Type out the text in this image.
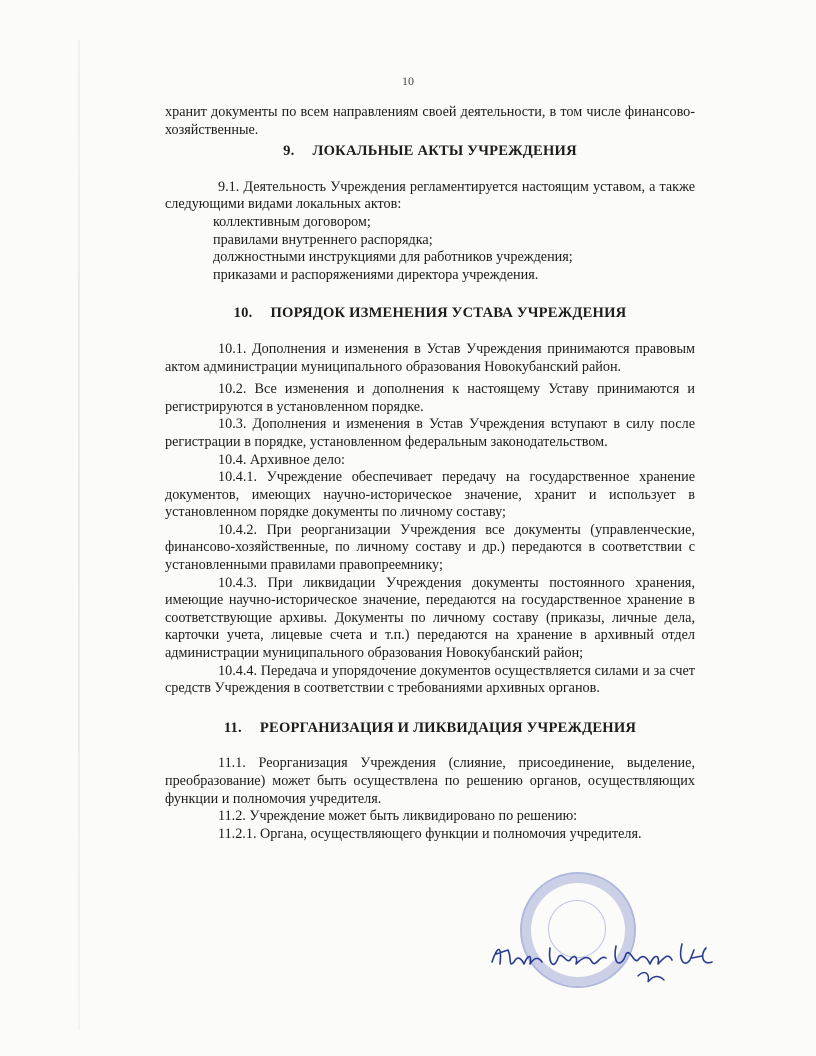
10

хранит документы по всем направлениям своей деятельности, в том числе финансово-хозяйственные.

9. ЛОКАЛЬНЫЕ АКТЫ УЧРЕЖДЕНИЯ

9.1. Деятельность Учреждения регламентируется настоящим уставом, а также следующими видами локальных актов:

коллективным договором;
правилами внутреннего распорядка;
должностными инструкциями для работников учреждения;
приказами и распоряжениями директора учреждения.
10. ПОРЯДОК ИЗМЕНЕНИЯ УСТАВА УЧРЕЖДЕНИЯ

10.1. Дополнения и изменения в Устав Учреждения принимаются правовым актом администрации муниципального образования Новокубанский район.

10.2. Все изменения и дополнения к настоящему Уставу принимаются и регистрируются в установленном порядке.

10.3. Дополнения и изменения в Устав Учреждения вступают в силу после регистрации в порядке, установленном федеральным законодательством.

10.4. Архивное дело:

10.4.1. Учреждение обеспечивает передачу на государственное хранение документов, имеющих научно-историческое значение, хранит и использует в установленном порядке документы по личному составу;

10.4.2. При реорганизации Учреждения все документы (управленческие, финансово-хозяйственные, по личному составу и др.) передаются в соответствии с установленными правилами правопреемнику;

10.4.3. При ликвидации Учреждения документы постоянного хранения, имеющие научно-историческое значение, передаются на государственное хранение в соответствующие архивы. Документы по личному составу (приказы, личные дела, карточки учета, лицевые счета и т.п.) передаются на хранение в архивный отдел администрации муниципального образования Новокубанский район;

10.4.4. Передача и упорядочение документов осуществляется силами и за счет средств Учреждения в соответствии с требованиями архивных органов.

11. РЕОРГАНИЗАЦИЯ И ЛИКВИДАЦИЯ УЧРЕЖДЕНИЯ

11.1. Реорганизация Учреждения (слияние, присоединение, выделение, преобразование) может быть осуществлена по решению органов, осуществляющих функции и полномочия учредителя.

11.2. Учреждение может быть ликвидировано по решению:

11.2.1. Органа, осуществляющего функции и полномочия учредителя.
